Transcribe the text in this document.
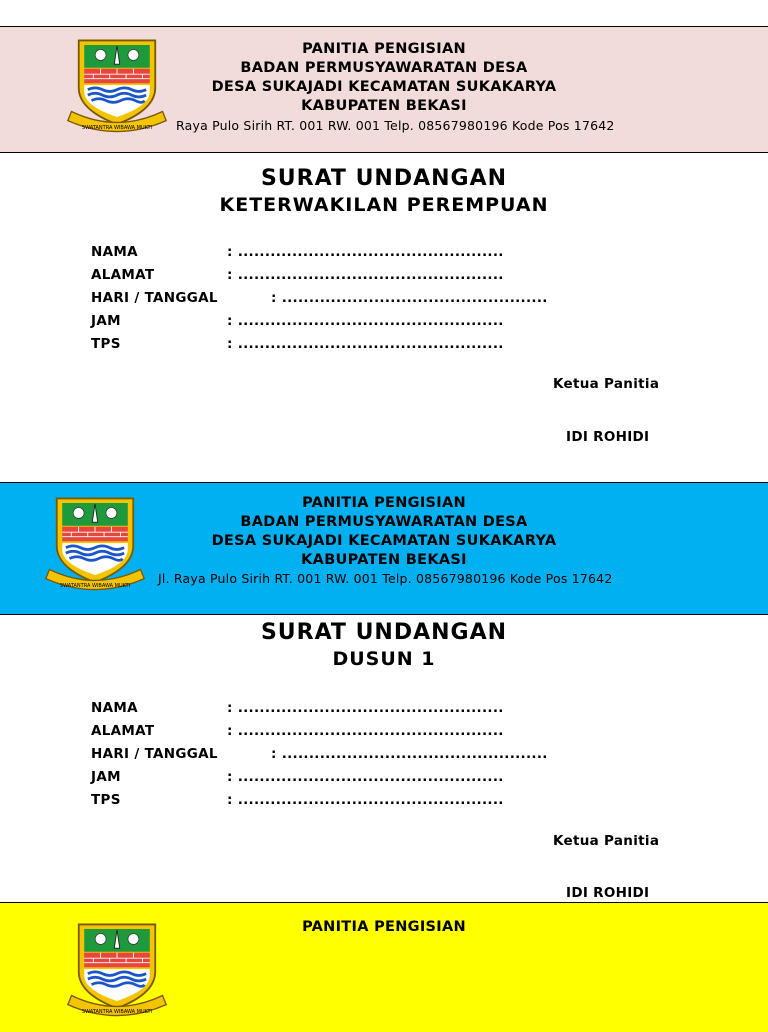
SWATANTRA WIBAWA MUKTI
PANITIA PENGISIAN
BADAN PERMUSYAWARATAN DESA
DESA SUKAJADI KECAMATAN SUKAKARYA
KABUPATEN BEKASI
Raya Pulo Sirih RT. 001 RW. 001 Telp. 08567980196 Kode Pos 17642
SURAT UNDANGAN
KETERWAKILAN PEREMPUAN
NAMA	: .................................................
ALAMAT	: .................................................
HARI / TANGGAL	: .................................................
JAM	: .................................................
TPS	: .................................................
Ketua Panitia
IDI ROHIDI
SWATANTRA WIBAWA MUKTI
PANITIA PENGISIAN
BADAN PERMUSYAWARATAN DESA
DESA SUKAJADI KECAMATAN SUKAKARYA
KABUPATEN BEKASI
Jl. Raya Pulo Sirih RT. 001 RW. 001 Telp. 08567980196 Kode Pos 17642
SURAT UNDANGAN
DUSUN 1
NAMA	: .................................................
ALAMAT	: .................................................
HARI / TANGGAL	: .................................................
JAM	: .................................................
TPS	: .................................................
Ketua Panitia
IDI ROHIDI
SWATANTRA WIBAWA MUKTI
PANITIA PENGISIAN
